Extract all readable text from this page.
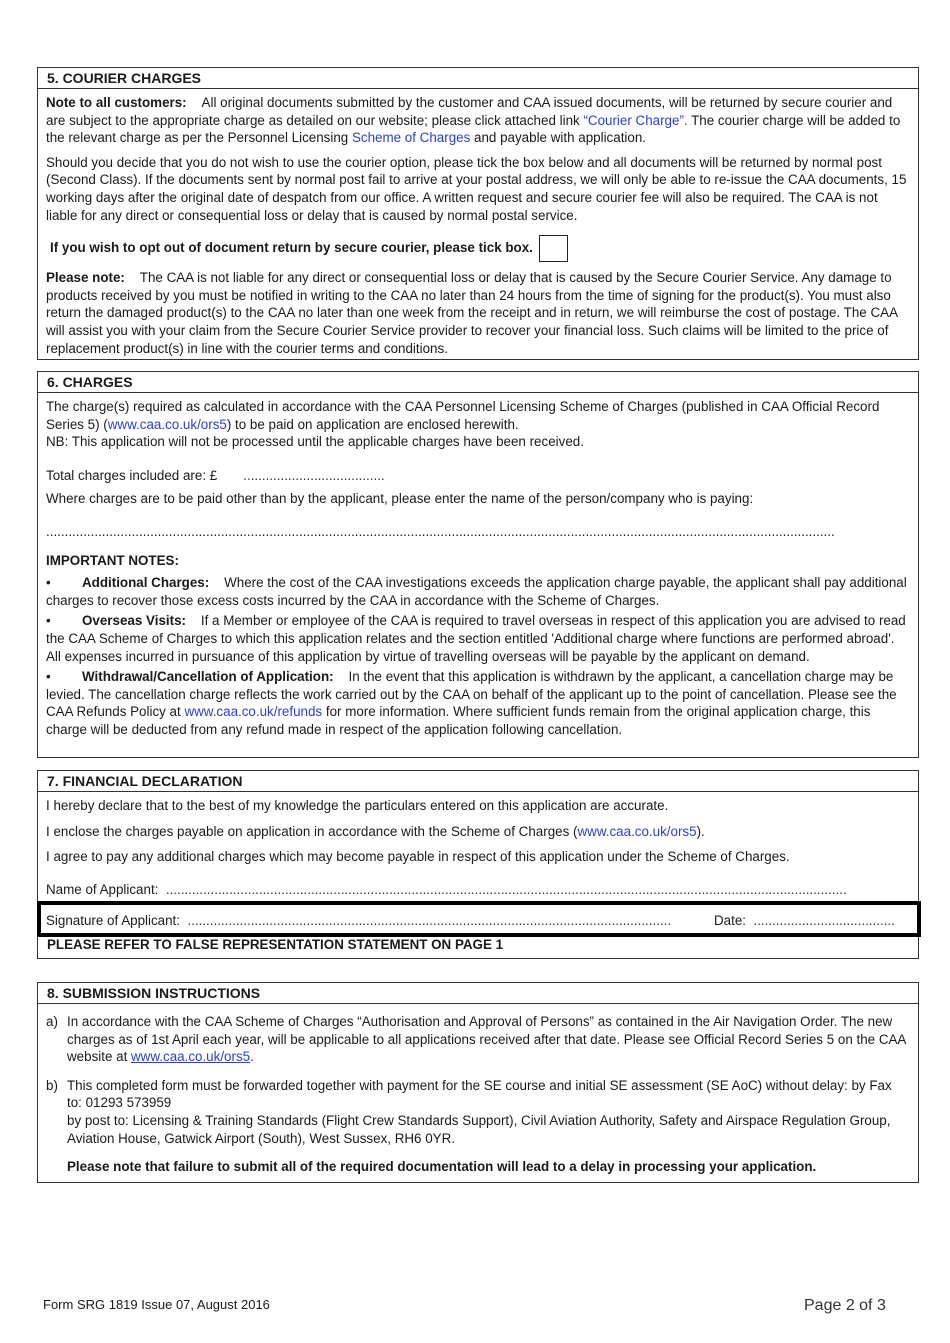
5. COURIER CHARGES

Note to all customers: All original documents submitted by the customer and CAA issued documents, will be returned by secure courier and are subject to the appropriate charge as detailed on our website; please click attached link “Courier Charge”. The courier charge will be added to the relevant charge as per the Personnel Licensing Scheme of Charges and payable with application.

Should you decide that you do not wish to use the courier option, please tick the box below and all documents will be returned by normal post (Second Class). If the documents sent by normal post fail to arrive at your postal address, we will only be able to re-issue the CAA documents, 15 working days after the original date of despatch from our office. A written request and secure courier fee will also be required. The CAA is not liable for any direct or consequential loss or delay that is caused by normal postal service.

If you wish to opt out of document return by secure courier, please tick box.

Please note: The CAA is not liable for any direct or consequential loss or delay that is caused by the Secure Courier Service. Any damage to products received by you must be notified in writing to the CAA no later than 24 hours from the time of signing for the product(s). You must also return the damaged product(s) to the CAA no later than one week from the receipt and in return, we will reimburse the cost of postage. The CAA will assist you with your claim from the Secure Courier Service provider to recover your financial loss. Such claims will be limited to the price of replacement product(s) in line with the courier terms and conditions.

6. CHARGES

The charge(s) required as calculated in accordance with the CAA Personnel Licensing Scheme of Charges (published in CAA Official Record Series 5) (www.caa.co.uk/ors5) to be paid on application are enclosed herewith.

NB: This application will not be processed until the applicable charges have been received.

Total charges included are: £ ......................................

Where charges are to be paid other than by the applicant, please enter the name of the person/company who is paying:

....................................................................................................................................................................................................................

IMPORTANT NOTES:

• Additional Charges: Where the cost of the CAA investigations exceeds the application charge payable, the applicant shall pay additional charges to recover those excess costs incurred by the CAA in accordance with the Scheme of Charges.

• Overseas Visits: If a Member or employee of the CAA is required to travel overseas in respect of this application you are advised to read the CAA Scheme of Charges to which this application relates and the section entitled 'Additional charge where functions are performed abroad'. All expenses incurred in pursuance of this application by virtue of travelling overseas will be payable by the applicant on demand.

• Withdrawal/Cancellation of Application: In the event that this application is withdrawn by the applicant, a cancellation charge may be levied. The cancellation charge reflects the work carried out by the CAA on behalf of the applicant up to the point of cancellation. Please see the CAA Refunds Policy at www.caa.co.uk/refunds for more information. Where sufficient funds remain from the original application charge, this charge will be deducted from any refund made in respect of the application following cancellation.

7. FINANCIAL DECLARATION

I hereby declare that to the best of my knowledge the particulars entered on this application are accurate.

I enclose the charges payable on application in accordance with the Scheme of Charges (www.caa.co.uk/ors5).

I agree to pay any additional charges which may become payable in respect of this application under the Scheme of Charges.

Name of Applicant: .......................................................................................................................................................................................

Signature of Applicant: ..................................................................................................................................	Date: ......................................
PLEASE REFER TO FALSE REPRESENTATION STATEMENT ON PAGE 1
8. SUBMISSION INSTRUCTIONS
a) In accordance with the CAA Scheme of Charges “Authorisation and Approval of Persons” as contained in the Air Navigation Order. The new charges as of 1st April each year, will be applicable to all applications received after that date. Please see Official Record Series 5 on the CAA website at www.caa.co.uk/ors5.
b) This completed form must be forwarded together with payment for the SE course and initial SE assessment (SE AoC) without delay: by Fax to: 01293 573959
by post to: Licensing & Training Standards (Flight Crew Standards Support), Civil Aviation Authority, Safety and Airspace Regulation Group, Aviation House, Gatwick Airport (South), West Sussex, RH6 0YR.

Please note that failure to submit all of the required documentation will lead to a delay in processing your application.

Form SRG 1819 Issue 07, August 2016	Page 2 of 3
